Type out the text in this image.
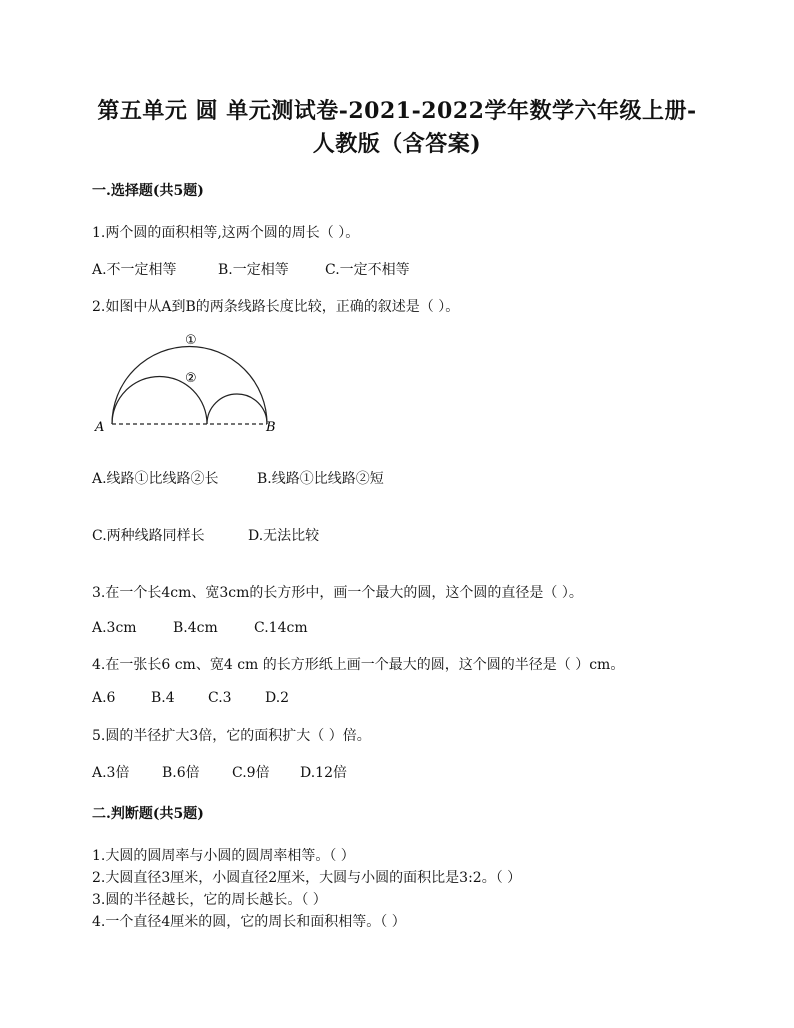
第五单元 圆 单元测试卷-2021-2022学年数学六年级上册-
人教版（含答案)
一.选择题(共5题)
1.两个圆的面积相等,这两个圆的周长（ ）。
A.不一定相等	B.一定相等	C.一定不相等
2.如图中从A到B的两条线路长度比较，正确的叙述是（ ）。
A	B
①
②
A.线路①比线路②长	B.线路①比线路②短
C.两种线路同样长	D.无法比较
3.在一个长4cm、宽3cm的长方形中，画一个最大的圆，这个圆的直径是（ ）。
A.3cm	B.4cm	C.14cm
4.在一张长6 cm、宽4 cm 的长方形纸上画一个最大的圆，这个圆的半径是（ ）cm。
A.6	B.4 C.3 D.2
5.圆的半径扩大3倍，它的面积扩大（ ）倍。
A.3倍 B.6倍 C.9倍 D.12倍
二.判断题(共5题)
1.大圆的圆周率与小圆的圆周率相等。（ ）
2.大圆直径3厘米，小圆直径2厘米，大圆与小圆的面积比是3:2。（ ）
3.圆的半径越长，它的周长越长。（ ）
4.一个直径4厘米的圆，它的周长和面积相等。（ ）
